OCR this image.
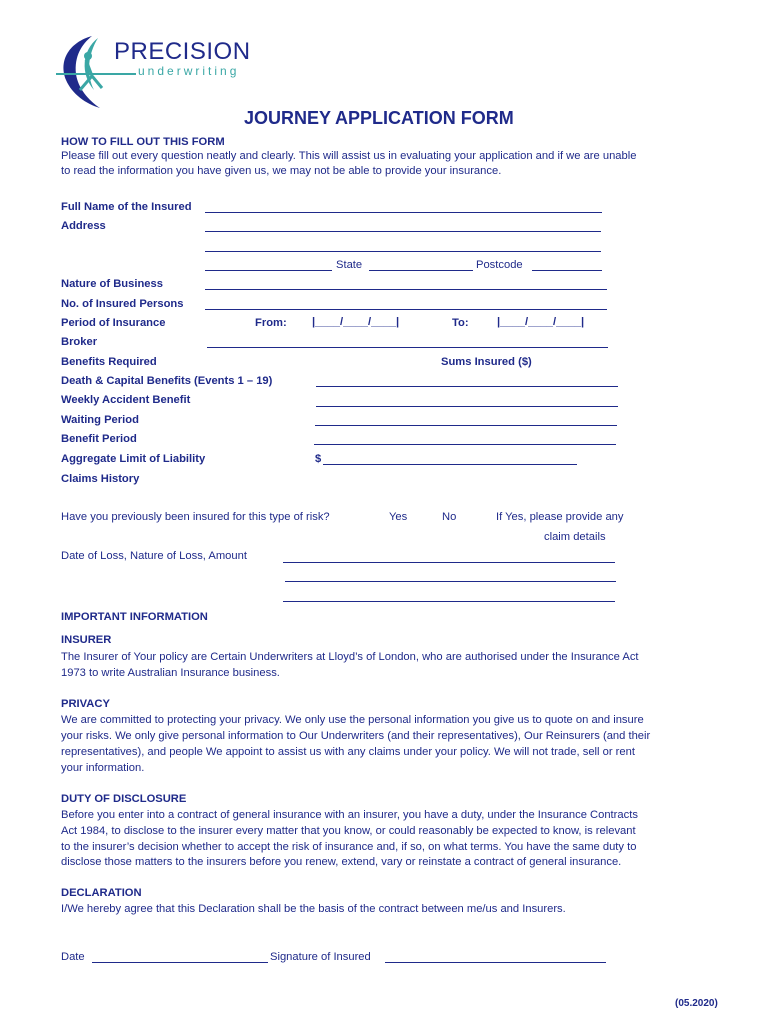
PRECISION
underwriting
JOURNEY APPLICATION FORM
HOW TO FILL OUT THIS FORM
Please fill out every question neatly and clearly. This will assist us in evaluating your application and if we are unable
to read the information you have given us, we may not be able to provide your insurance.
Full Name of the Insured
Address
State	Postcode
Nature of Business
No. of Insured Persons
Period of Insurance	From: |____/____/____|	To:	|____/____/____|
Broker
Benefits Required	Sums Insured ($)
Death & Capital Benefits (Events 1 – 19)
Weekly Accident Benefit
Waiting Period
Benefit Period
Aggregate Limit of Liability	$
Claims History
Have you previously been insured for this type of risk?	Yes	No	If Yes, please provide any
claim details
Date of Loss, Nature of Loss, Amount
IMPORTANT INFORMATION
INSURER
The Insurer of Your policy are Certain Underwriters at Lloyd’s of London, who are authorised under the Insurance Act
1973 to write Australian Insurance business.
PRIVACY
We are committed to protecting your privacy. We only use the personal information you give us to quote on and insure
your risks. We only give personal information to Our Underwriters (and their representatives), Our Reinsurers (and their
representatives), and people We appoint to assist us with any claims under your policy. We will not trade, sell or rent
your information.
DUTY OF DISCLOSURE
Before you enter into a contract of general insurance with an insurer, you have a duty, under the Insurance Contracts
Act 1984, to disclose to the insurer every matter that you know, or could reasonably be expected to know, is relevant
to the insurer’s decision whether to accept the risk of insurance and, if so, on what terms. You have the same duty to
disclose those matters to the insurers before you renew, extend, vary or reinstate a contract of general insurance.
DECLARATION
I/We hereby agree that this Declaration shall be the basis of the contract between me/us and Insurers.
Date	Signature of Insured
(05.2020)
